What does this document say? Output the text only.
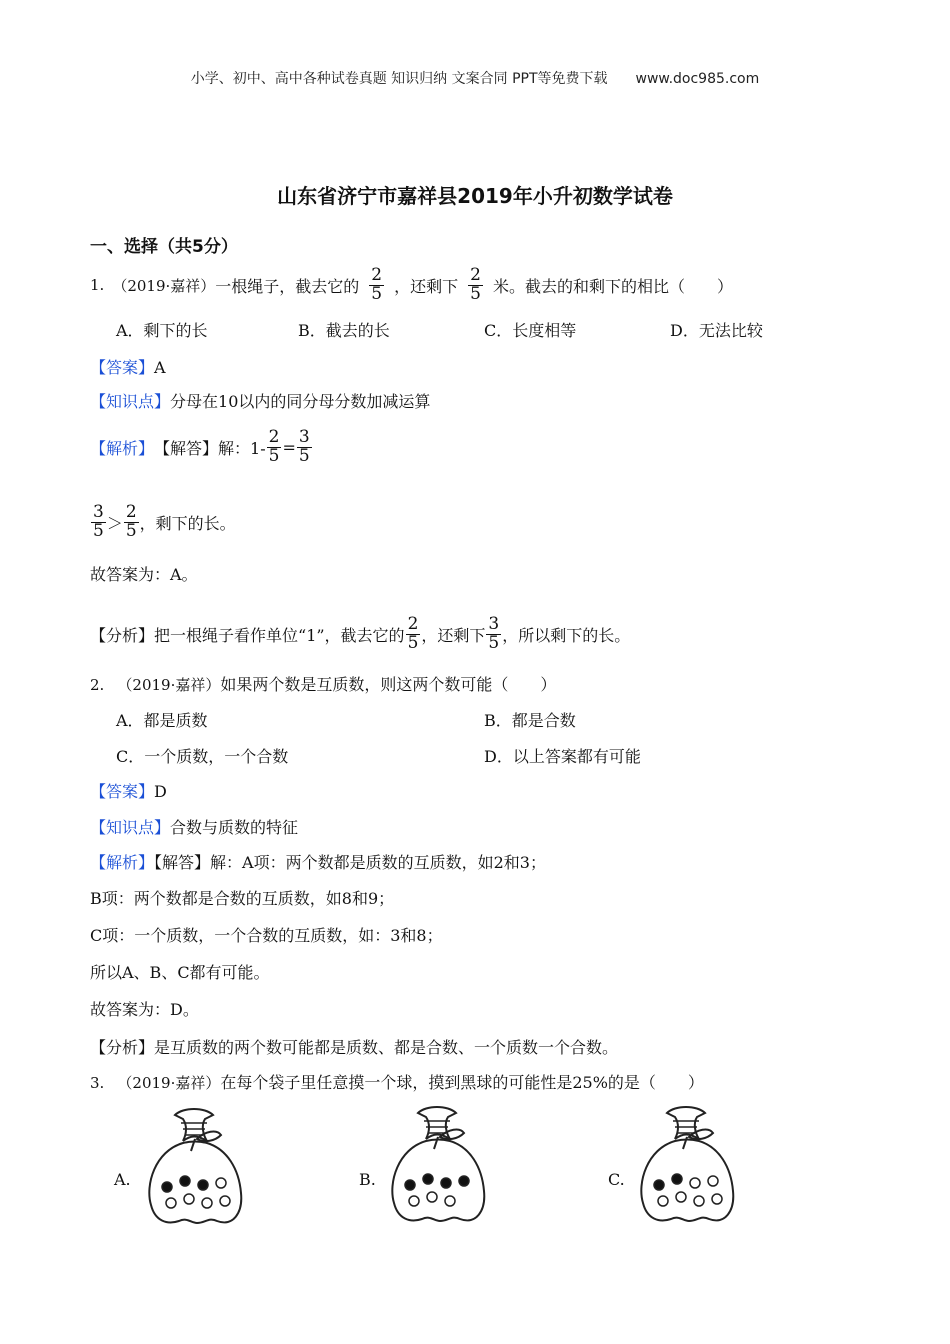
小学、初中、高中各种试卷真题 知识归纳 文案合同 PPT等免费下载 www.doc985.com
山东省济宁市嘉祥县2019年小升初数学试卷
一、选择（共5分）
1. （2019·嘉祥） 一根绳子，截去它的 $\frac{2}{5}$ ，还剩下 $\frac{2}{5}$ 米。截去的和剩下的相比（　　）
A．剩下的长	B．截去的长	C．长度相等	D．无法比较
【答案】A
【知识点】分母在10以内的同分母分数加减运算
【解析】 【解答】 解：$1- \frac{2}{5} = \frac{3}{5}$
$\frac{3}{5} > \frac{2}{5}$ ，剩下的长。
故答案为：A。
【分析】 把一根绳子看作单位“1”，截去它的 $\frac{2}{5}$ ，还剩下 $\frac{3}{5}$ ，所以剩下的长。
2. （2019·嘉祥）如果两个数是互质数，则这两个数可能（　　）
A．都是质数	B．都是合数
C．一个质数，一个合数	D．以上答案都有可能
【答案】D
【知识点】合数与质数的特征
【解析】【解答】解：A项：两个数都是质数的互质数，如2和3；
B项：两个数都是合数的互质数，如8和9；
C项：一个质数，一个合数的互质数，如：3和8；
所以A、B、C都有可能。
故答案为：D。
【分析】是互质数的两个数可能都是质数、都是合数、一个质数一个合数。
3. （2019·嘉祥）在每个袋子里任意摸一个球，摸到黑球的可能性是25%的是（　　）
A.	B.	C.
